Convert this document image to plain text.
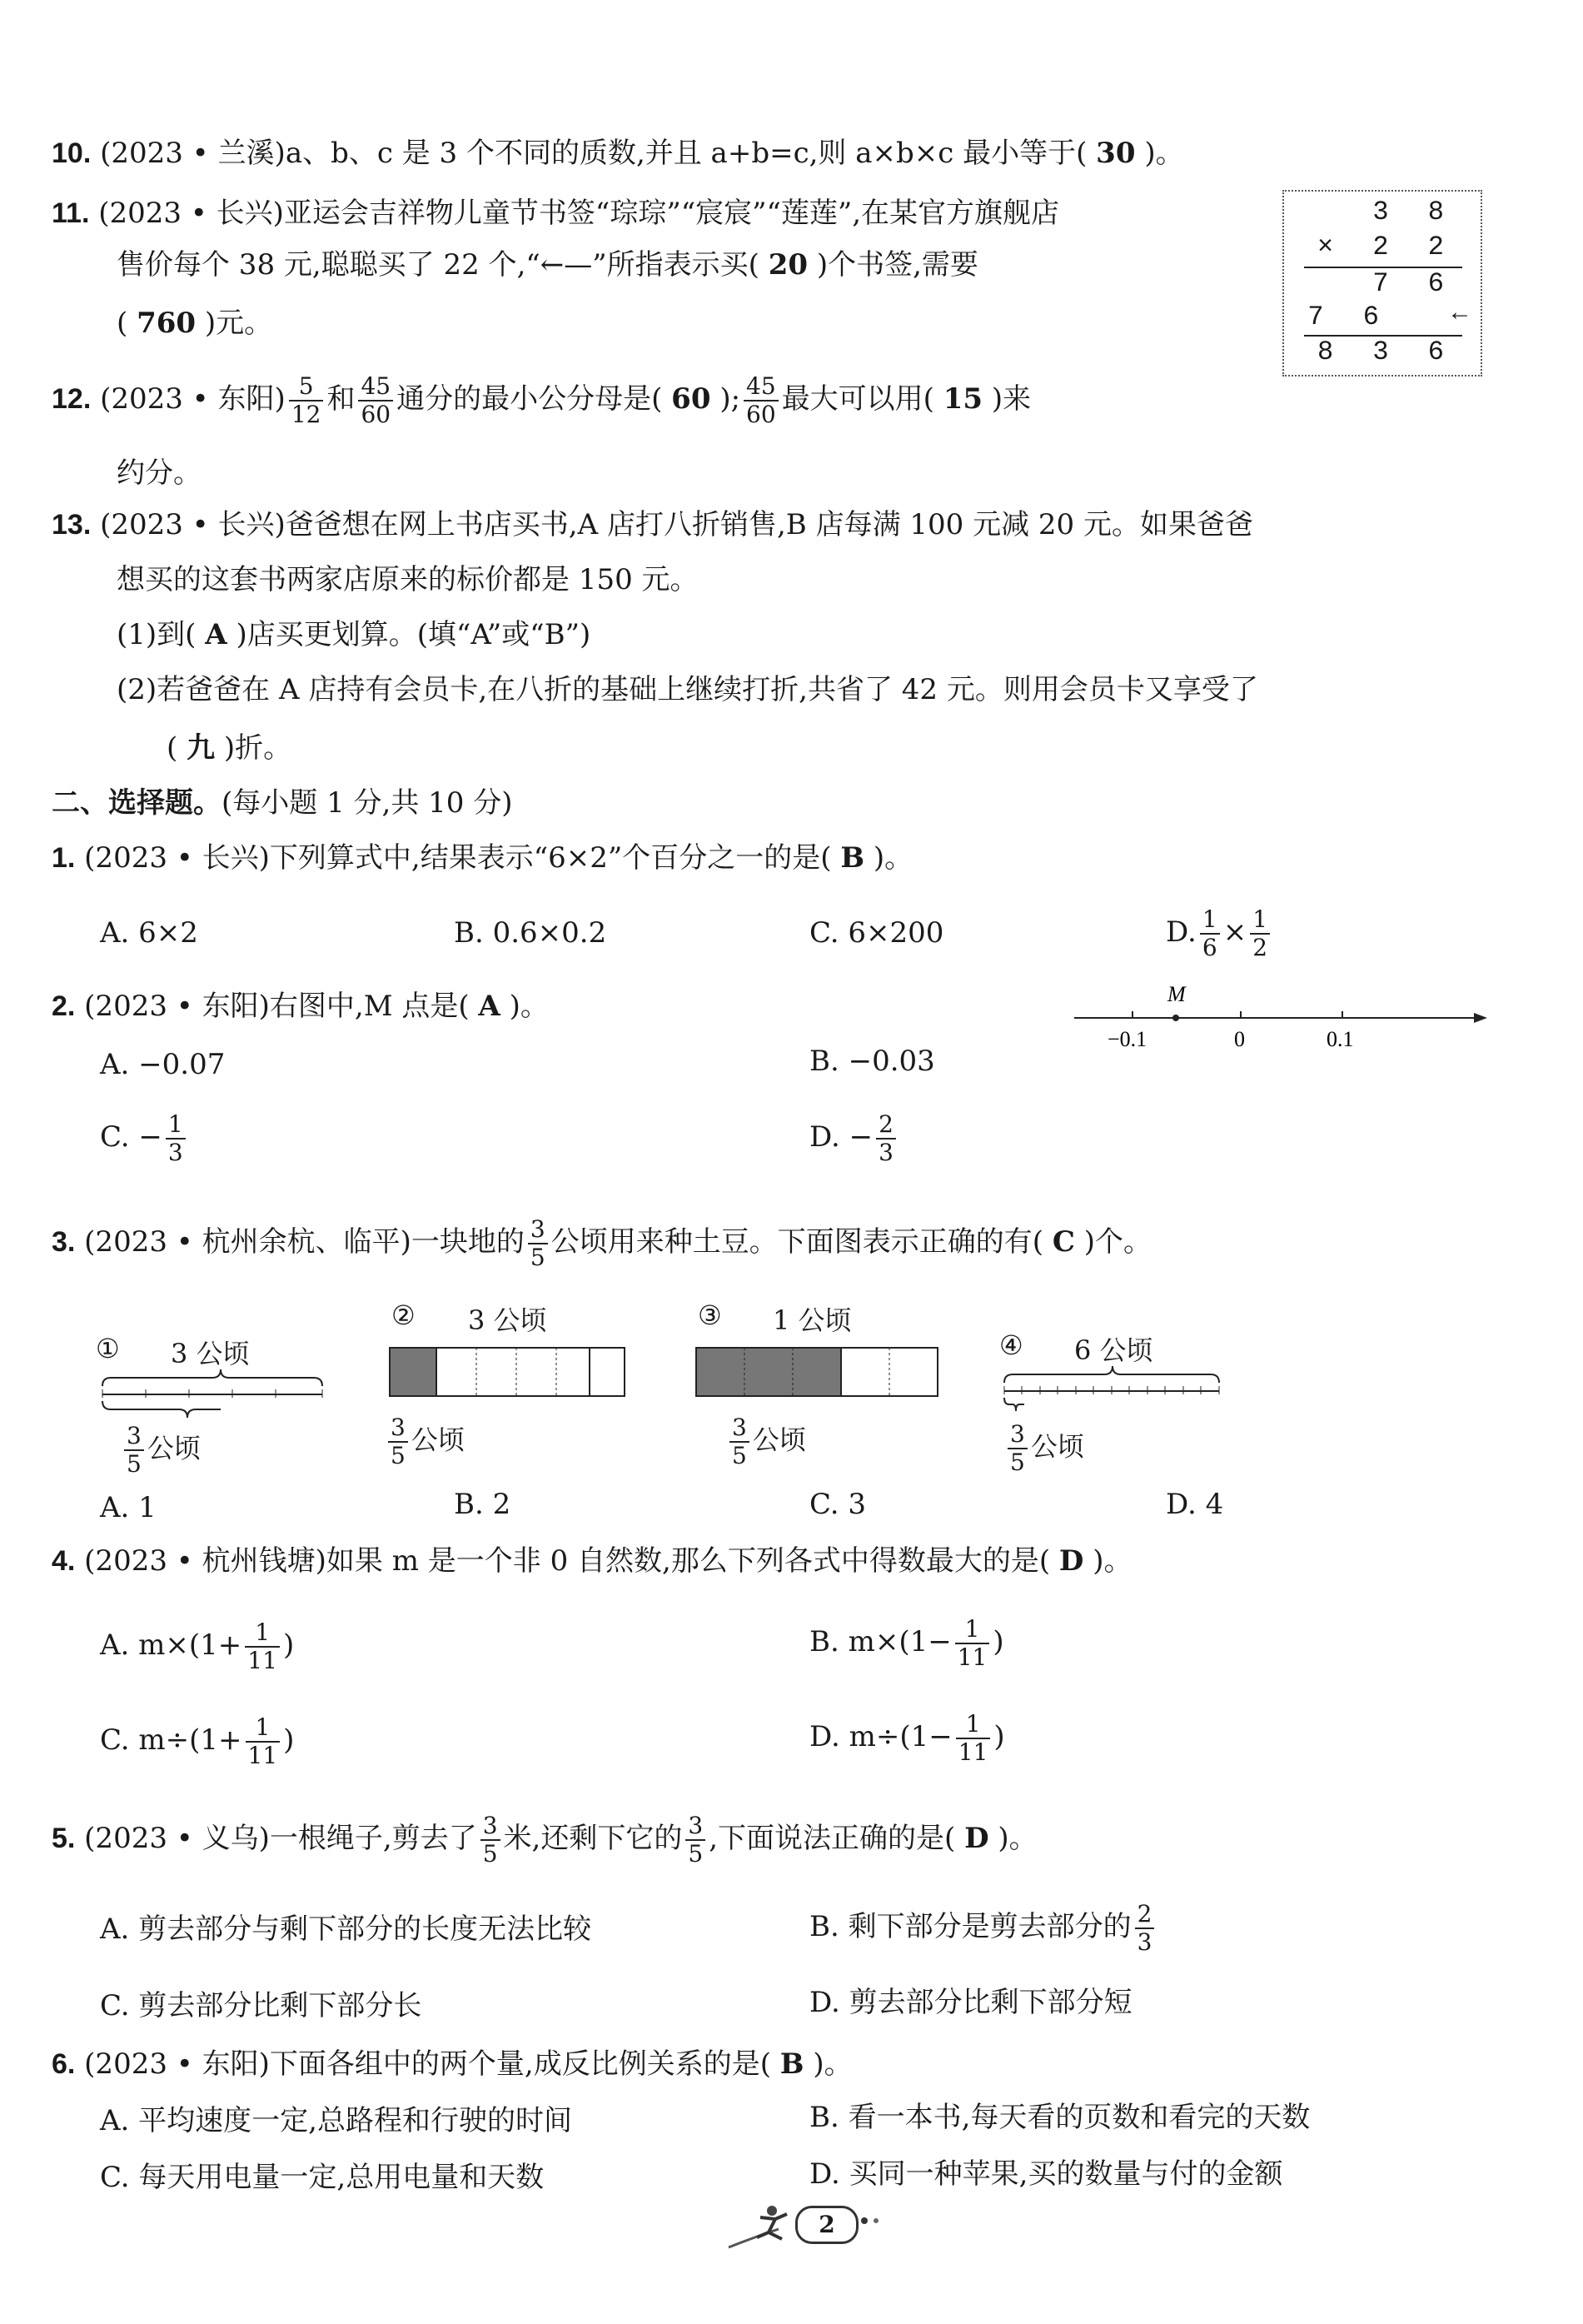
10. (2023 • 兰溪)a、b、c 是 3 个不同的质数,并且 a+b=c,则 a×b×c 最小等于( 30 )。
11. (2023 • 长兴)亚运会吉祥物儿童节书签“琮琮”“宸宸”“莲莲”,在某官方旗舰店
售价每个 38 元,聪聪买了 22 个,“←—”所指表示买( 20 )个书签,需要
( 760 )元。
3 8
× 2 2
7 6
7 6 ←
8 3 6
12. (2023 • 东阳) $\frac{5}{12}$ 和 $\frac{45}{60}$ 通分的最小公分母是( 60 ); $\frac{45}{60}$ 最大可以用( 15 )来
约分。
13. (2023 • 长兴)爸爸想在网上书店买书,A 店打八折销售,B 店每满 100 元减 20 元。如果爸爸
想买的这套书两家店原来的标价都是 150 元。
(1)到( A )店买更划算。(填“A”或“B”)
(2)若爸爸在 A 店持有会员卡,在八折的基础上继续打折,共省了 42 元。则用会员卡又享受了
( 九 )折。
二、选择题。(每小题 1 分,共 10 分)
1. (2023 • 长兴)下列算式中,结果表示“6×2”个百分之一的是( B )。
A. 6×2	B. 0.6×0.2	C. 6×200	D. $\frac{1}{6} \times \frac{1}{2}$
2. (2023 • 东阳)右图中,M 点是( A )。
A. −0.07	B. −0.03
C. − $\frac{1}{3}$	D. − $\frac{2}{3}$
M
−0.1	0	0.1
3. (2023 • 杭州余杭、临平)一块地的 $\frac{3}{5}$ 公顷用来种土豆。下面图表示正确的有( C )个。
① 3 公顷
$\frac{3}{5}$ 公顷
② 3 公顷
$\frac{3}{5}$ 公顷
③ 1 公顷
$\frac{3}{5}$ 公顷
④ 6 公顷
$\frac{3}{5}$ 公顷
A. 1	B. 2	C. 3	D. 4
4. (2023 • 杭州钱塘)如果 m 是一个非 0 自然数,那么下列各式中得数最大的是( D )。
A. $m\times(1+ \frac{1}{11}$ )	B. $m\times(1- \frac{1}{11}$ )
C. $m\div(1+ \frac{1}{11}$ )	D. $m\div(1- \frac{1}{11}$ )
5. (2023 • 义乌)一根绳子,剪去了 $\frac{3}{5}$ 米,还剩下它的 $\frac{3}{5}$ ,下面说法正确的是( D )。
A. 剪去部分与剩下部分的长度无法比较	B. 剩下部分是剪去部分的 $\frac{2}{3}$
C. 剪去部分比剩下部分长	D. 剪去部分比剩下部分短
6. (2023 • 东阳)下面各组中的两个量,成反比例关系的是( B )。
A. 平均速度一定,总路程和行驶的时间	B. 看一本书,每天看的页数和看完的天数
C. 每天用电量一定,总用电量和天数	D. 买同一种苹果,买的数量与付的金额
2
